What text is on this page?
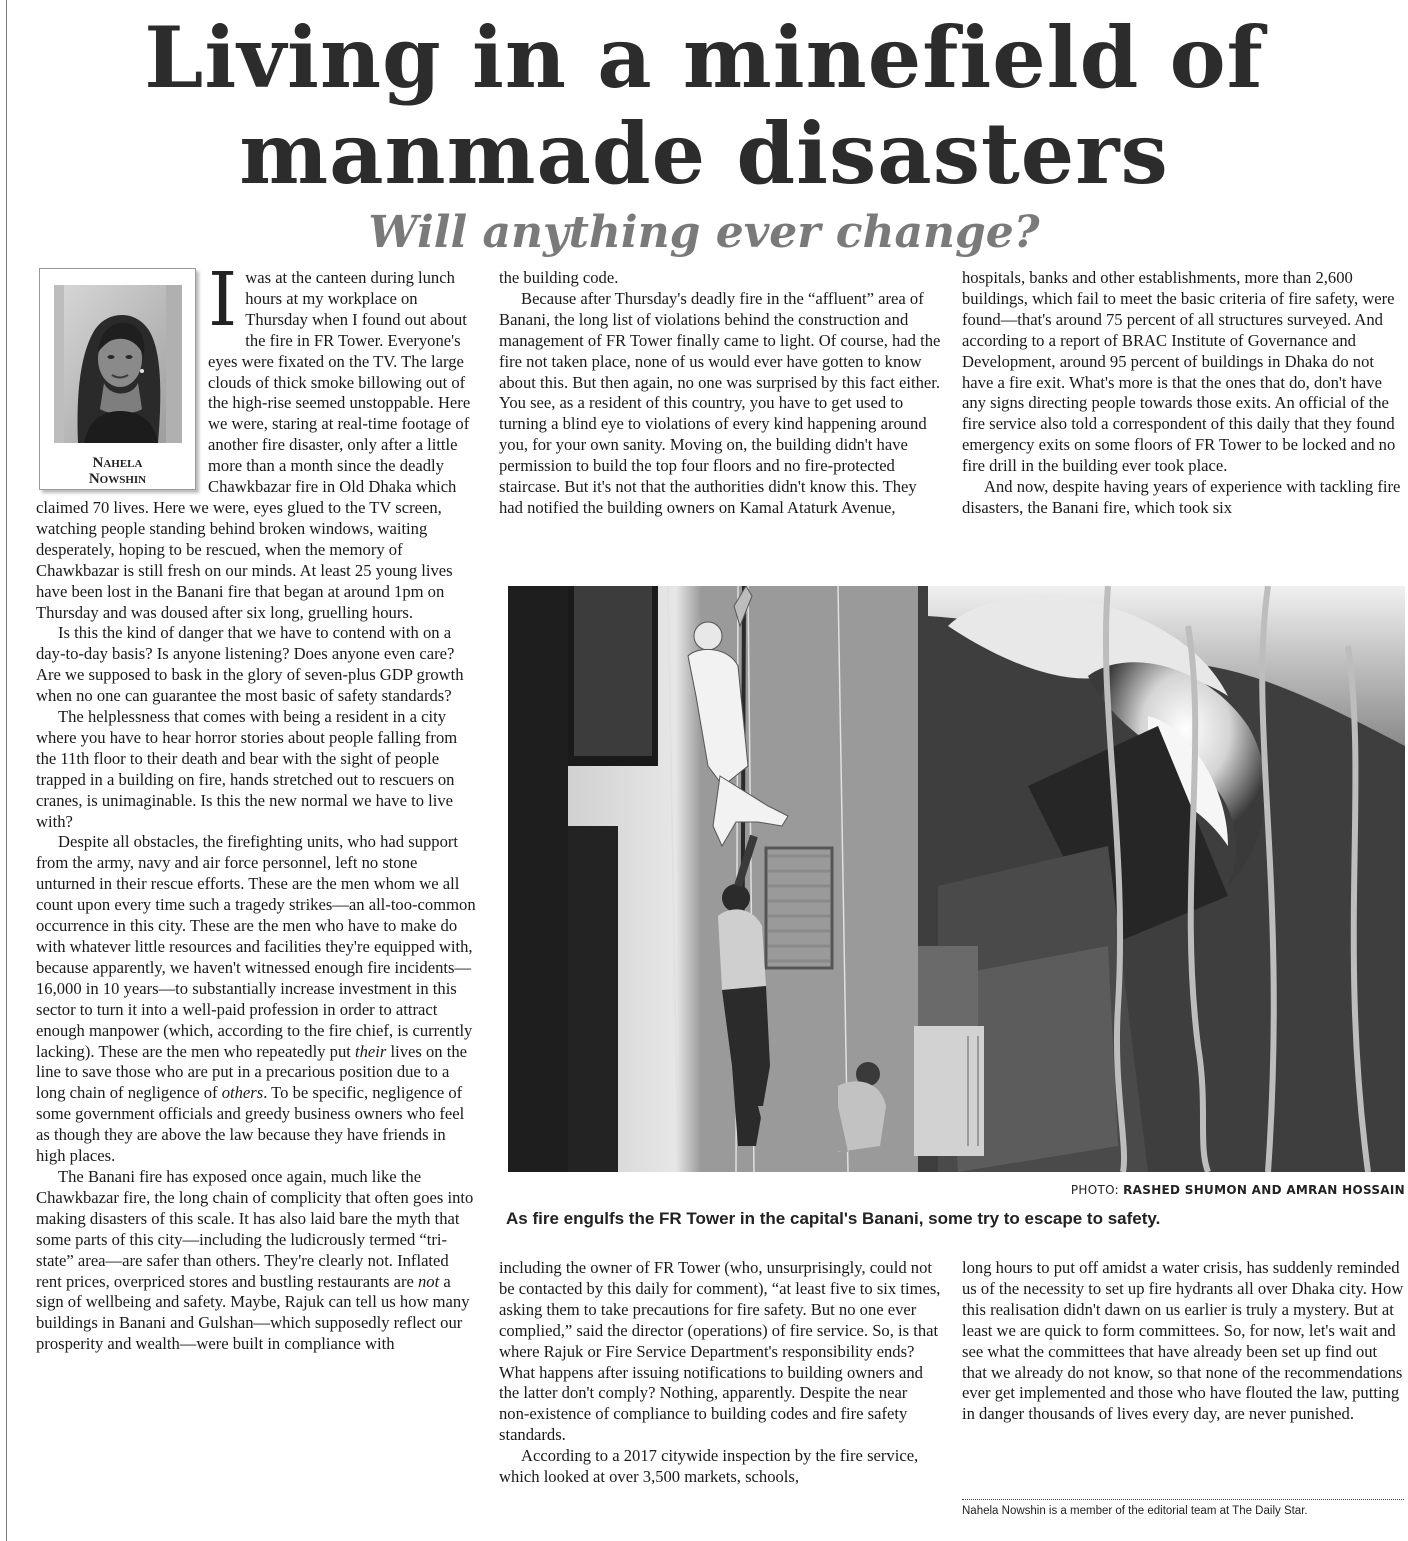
Living in a minefield of
manmade disasters
Will anything ever change?
Nahela
Nowshin

I was at the canteen during lunch hours at my workplace on Thursday when I found out about the fire in FR Tower. Everyone's eyes were fixated on the TV. The large clouds of thick smoke billowing out of the high-rise seemed unstoppable. Here we were, staring at real-time footage of another fire disaster, only after a little more than a month since the deadly Chawkbazar fire in Old Dhaka which claimed 70 lives. Here we were, eyes glued to the TV screen, watching people standing behind broken windows, waiting desperately, hoping to be rescued, when the memory of Chawkbazar is still fresh on our minds. At least 25 young lives have been lost in the Banani fire that began at around 1pm on Thursday and was doused after six long, gruelling hours.

Is this the kind of danger that we have to contend with on a day-to-day basis? Is anyone listening? Does anyone even care? Are we supposed to bask in the glory of seven-plus GDP growth when no one can guarantee the most basic of safety standards?

The helplessness that comes with being a resident in a city where you have to hear horror stories about people falling from the 11th floor to their death and bear with the sight of people trapped in a building on fire, hands stretched out to rescuers on cranes, is unimaginable. Is this the new normal we have to live with?

Despite all obstacles, the firefighting units, who had support from the army, navy and air force personnel, left no stone unturned in their rescue efforts. These are the men whom we all count upon every time such a tragedy strikes—an all-too-common occurrence in this city. These are the men who have to make do with whatever little resources and facilities they're equipped with, because apparently, we haven't witnessed enough fire incidents—16,000 in 10 years—to substantially increase investment in this sector to turn it into a well-paid profession in order to attract enough manpower (which, according to the fire chief, is currently lacking). These are the men who repeatedly put their lives on the line to save those who are put in a precarious position due to a long chain of negligence of others. To be specific, negligence of some government officials and greedy business owners who feel as though they are above the law because they have friends in high places.

The Banani fire has exposed once again, much like the Chawkbazar fire, the long chain of complicity that often goes into making disasters of this scale. It has also laid bare the myth that some parts of this city—including the ludicrously termed “tri-state” area—are safer than others. They're clearly not. Inflated rent prices, overpriced stores and bustling restaurants are not a sign of wellbeing and safety. Maybe, Rajuk can tell us how many buildings in Banani and Gulshan—which supposedly reflect our prosperity and wealth—were built in compliance with

the building code.

Because after Thursday's deadly fire in the “affluent” area of Banani, the long list of violations behind the construction and management of FR Tower finally came to light. Of course, had the fire not taken place, none of us would ever have gotten to know about this. But then again, no one was surprised by this fact either. You see, as a resident of this country, you have to get used to turning a blind eye to violations of every kind happening around you, for your own sanity. Moving on, the building didn't have permission to build the top four floors and no fire-protected staircase. But it's not that the authorities didn't know this. They had notified the building owners on Kamal Ataturk Avenue,

hospitals, banks and other establishments, more than 2,600 buildings, which fail to meet the basic criteria of fire safety, were found—that's around 75 percent of all structures surveyed. And according to a report of BRAC Institute of Governance and Development, around 95 percent of buildings in Dhaka do not have a fire exit. What's more is that the ones that do, don't have any signs directing people towards those exits. An official of the fire service also told a correspondent of this daily that they found emergency exits on some floors of FR Tower to be locked and no fire drill in the building ever took place.

And now, despite having years of experience with tackling fire disasters, the Banani fire, which took six

PHOTO: RASHED SHUMON AND AMRAN HOSSAIN
As fire engulfs the FR Tower in the capital's Banani, some try to escape to safety.

including the owner of FR Tower (who, unsurprisingly, could not be contacted by this daily for comment), “at least five to six times, asking them to take precautions for fire safety. But no one ever complied,” said the director (operations) of fire service. So, is that where Rajuk or Fire Service Department's responsibility ends? What happens after issuing notifications to building owners and the latter don't comply? Nothing, apparently. Despite the near non-existence of compliance to building codes and fire safety standards.

According to a 2017 citywide inspection by the fire service, which looked at over 3,500 markets, schools,

long hours to put off amidst a water crisis, has suddenly reminded us of the necessity to set up fire hydrants all over Dhaka city. How this realisation didn't dawn on us earlier is truly a mystery. But at least we are quick to form committees. So, for now, let's wait and see what the committees that have already been set up find out that we already do not know, so that none of the recommendations ever get implemented and those who have flouted the law, putting in danger thousands of lives every day, are never punished.

Nahela Nowshin is a member of the editorial team at The Daily Star.
